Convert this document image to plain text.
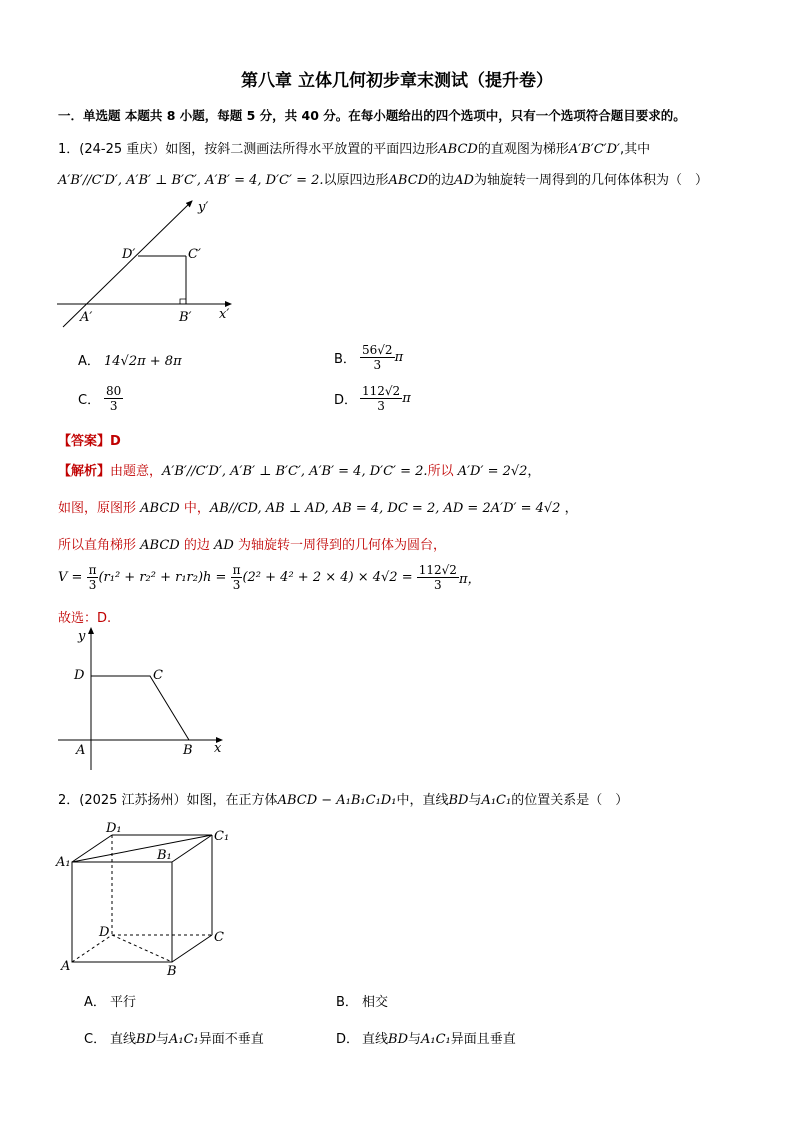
第八章 立体几何初步章末测试（提升卷）
一．单选题 本题共 8 小题，每题 5 分，共 40 分。在每小题给出的四个选项中，只有一个选项符合题目要求的。
1．(24-25 重庆）如图，按斜二测画法所得水平放置的平面四边形ABCD的直观图为梯形A′B′C′D′,其中
A′B′//C′D′, A′B′ ⊥ B′C′, A′B′ = 4, D′C′ = 2.以原四边形ABCD的边AD为轴旋转一周得到的几何体体积为（　）
y′
x′
A′	B′
C′
D′
A． 14√2π + 8π	B． $\frac{56√2}{3}$ π
C． $\frac{80}{3}$	D． $\frac{112√2}{3}$ π
【答案】D
【解析】由题意，A′B′//C′D′, A′B′ ⊥ B′C′, A′B′ = 4, D′C′ = 2.所以 A′D′ = 2√2，
如图，原图形 ABCD 中，AB//CD, AB ⊥ AD, AB = 4, DC = 2, AD = 2A′D′ = 4√2 ，
所以直角梯形 ABCD 的边 AD 为轴旋转一周得到的几何体为圆台，
$V = \frac{\pi}{3} (r_1^2 + r_2^2 + r_1r_2)h = \frac{\pi}{3} (2^2 + 4^2 + 2 \times 4) \times 4√2 = \frac{112√2}{3}$ π，
故选：D.
y
x
A	B
C
D
2．(2025 江苏扬州）如图，在正方体ABCD − A₁B₁C₁D₁中，直线BD与A₁C₁的位置关系是（　）
D₁
C₁
A₁	B₁
D	C
A	B
A． 平行	B． 相交
C． 直线BD与A₁C₁异面不垂直	D． 直线BD与A₁C₁异面且垂直
